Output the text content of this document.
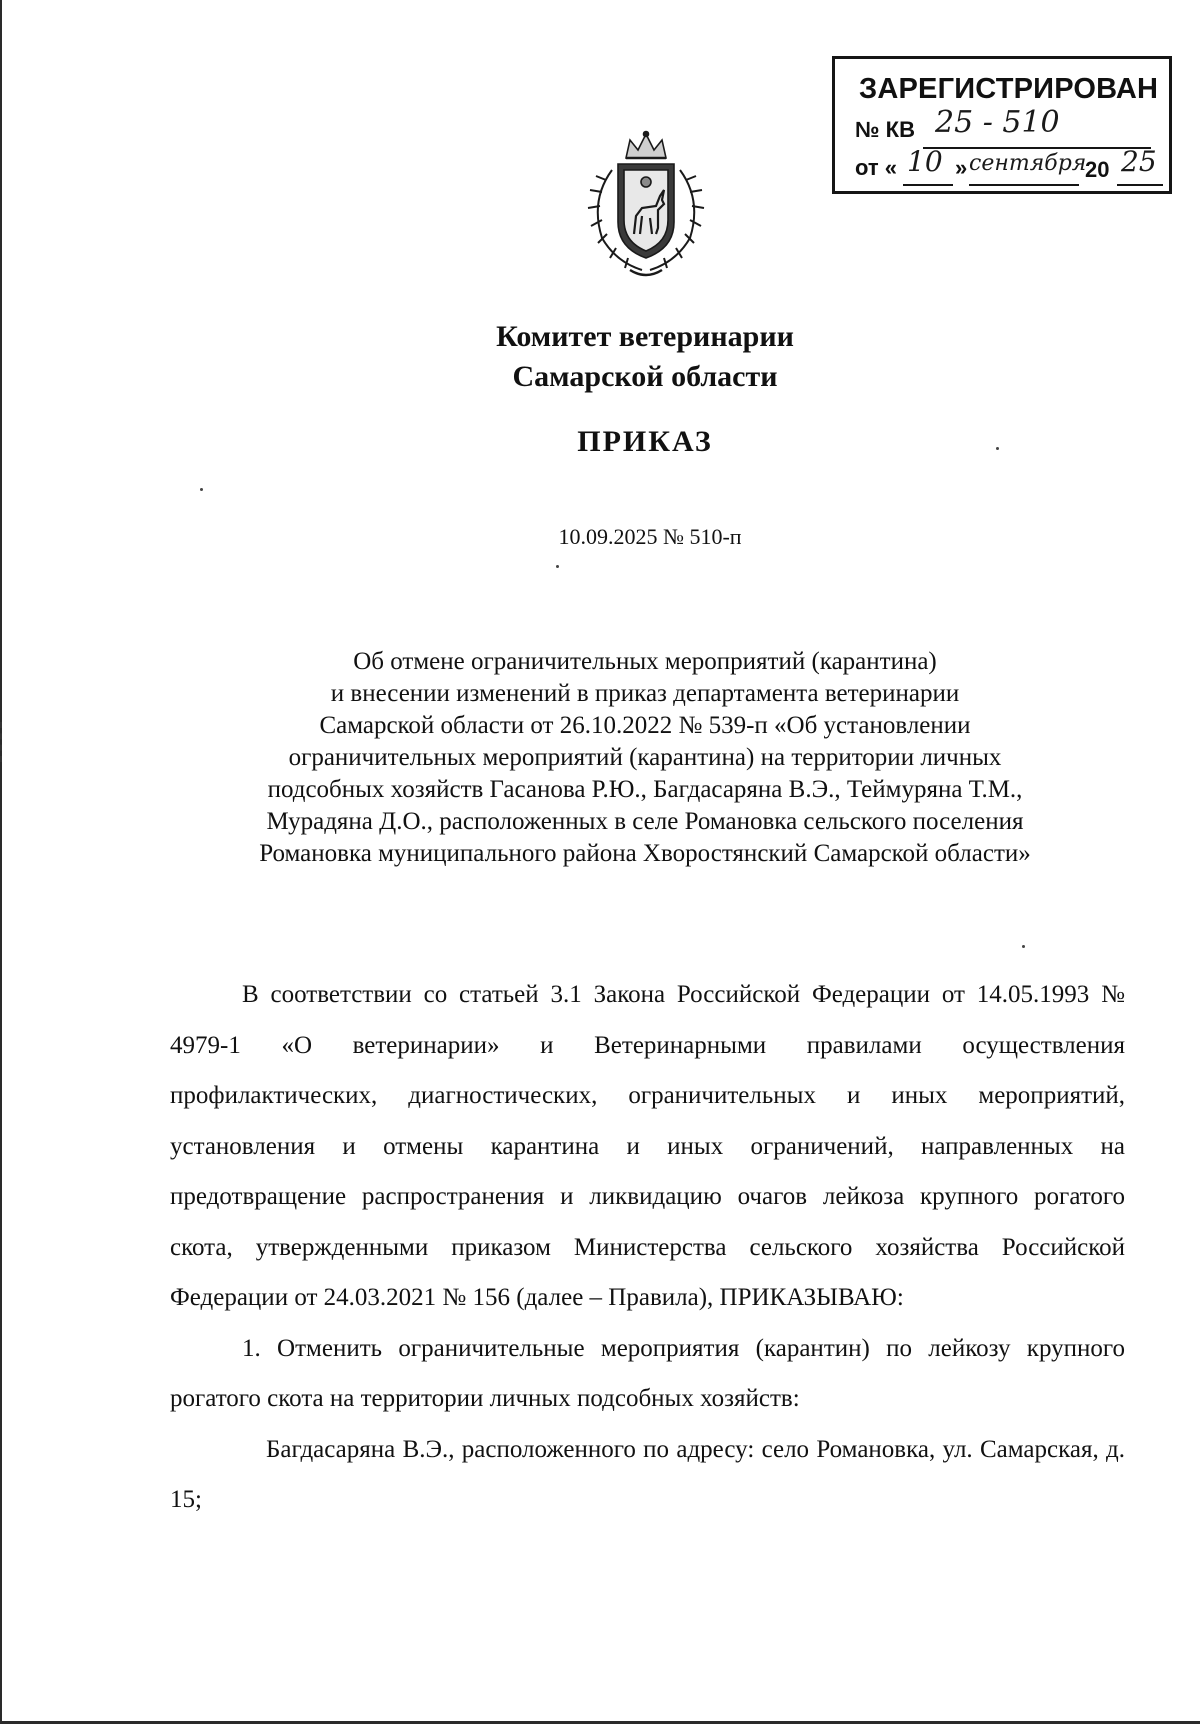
ЗАРЕГИСТРИРОВАН
№ КВ 25 - 510
от « 10 » сентября
20 25
Комитет ветеринарии
Самарской области
ПРИКАЗ
10.09.2025 № 510-п
Об отмене ограничительных мероприятий (карантина)
и внесении изменений в приказ департамента ветеринарии
Самарской области от 26.10.2022 № 539-п «Об установлении
ограничительных мероприятий (карантина) на территории личных
подсобных хозяйств Гасанова Р.Ю., Багдасаряна В.Э., Теймуряна Т.М.,
Мурадяна Д.О., расположенных в селе Романовка сельского поселения
Романовка муниципального района Хворостянский Самарской области»

В соответствии со статьей 3.1 Закона Российской Федерации от 14.05.1993 № 4979-1 «О ветеринарии» и Ветеринарными правилами осуществления профилактических, диагностических, ограничительных и иных мероприятий, установления и отмены карантина и иных ограничений, направленных на предотвращение распространения и ликвидацию очагов лейкоза крупного рогатого скота, утвержденными приказом Министерства сельского хозяйства Российской Федерации от 24.03.2021 № 156 (далее – Правила), ПРИКАЗЫВАЮ:

1. Отменить ограничительные мероприятия (карантин) по лейкозу крупного рогатого скота на территории личных подсобных хозяйств:

Багдасаряна В.Э., расположенного по адресу: село Романовка, ул. Самарская, д. 15;
